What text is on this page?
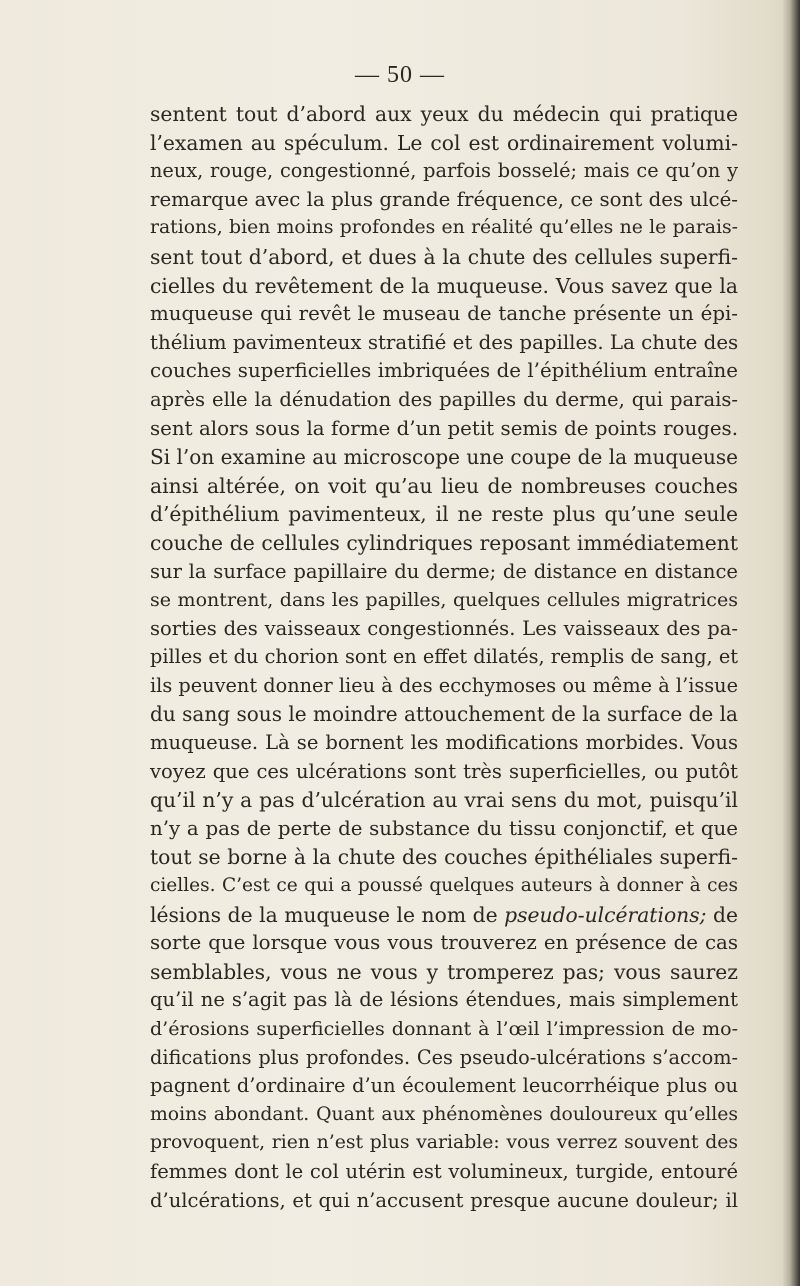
— 50 —
sentent tout d’abord aux yeux du médecin qui pratique
l’examen au spéculum. Le col est ordinairement volumi-
neux, rouge, congestionné, parfois bosselé; mais ce qu’on y
remarque avec la plus grande fréquence, ce sont des ulcé-
rations, bien moins profondes en réalité qu’elles ne le parais-
sent tout d’abord, et dues à la chute des cellules superfi-
cielles du revêtement de la muqueuse. Vous savez que la
muqueuse qui revêt le museau de tanche présente un épi-
thélium pavimenteux stratifié et des papilles. La chute des
couches superficielles imbriquées de l’épithélium entraîne
après elle la dénudation des papilles du derme, qui parais-
sent alors sous la forme d’un petit semis de points rouges.
Si l’on examine au microscope une coupe de la muqueuse
ainsi altérée, on voit qu’au lieu de nombreuses couches
d’épithélium pavimenteux, il ne reste plus qu’une seule
couche de cellules cylindriques reposant immédiatement
sur la surface papillaire du derme; de distance en distance
se montrent, dans les papilles, quelques cellules migratrices
sorties des vaisseaux congestionnés. Les vaisseaux des pa-
pilles et du chorion sont en effet dilatés, remplis de sang, et
ils peuvent donner lieu à des ecchymoses ou même à l’issue
du sang sous le moindre attouchement de la surface de la
muqueuse. Là se bornent les modifications morbides. Vous
voyez que ces ulcérations sont très superficielles, ou putôt
qu’il n’y a pas d’ulcération au vrai sens du mot, puisqu’il
n’y a pas de perte de substance du tissu conjonctif, et que
tout se borne à la chute des couches épithéliales superfi-
cielles. C’est ce qui a poussé quelques auteurs à donner à ces
lésions de la muqueuse le nom de pseudo-ulcérations; de
sorte que lorsque vous vous trouverez en présence de cas
semblables, vous ne vous y tromperez pas; vous saurez
qu’il ne s’agit pas là de lésions étendues, mais simplement
d’érosions superficielles donnant à l’œil l’impression de mo-
difications plus profondes. Ces pseudo-ulcérations s’accom-
pagnent d’ordinaire d’un écoulement leucorrhéique plus ou
moins abondant. Quant aux phénomènes douloureux qu’elles
provoquent, rien n’est plus variable: vous verrez souvent des
femmes dont le col utérin est volumineux, turgide, entouré
d’ulcérations, et qui n’accusent presque aucune douleur; il
